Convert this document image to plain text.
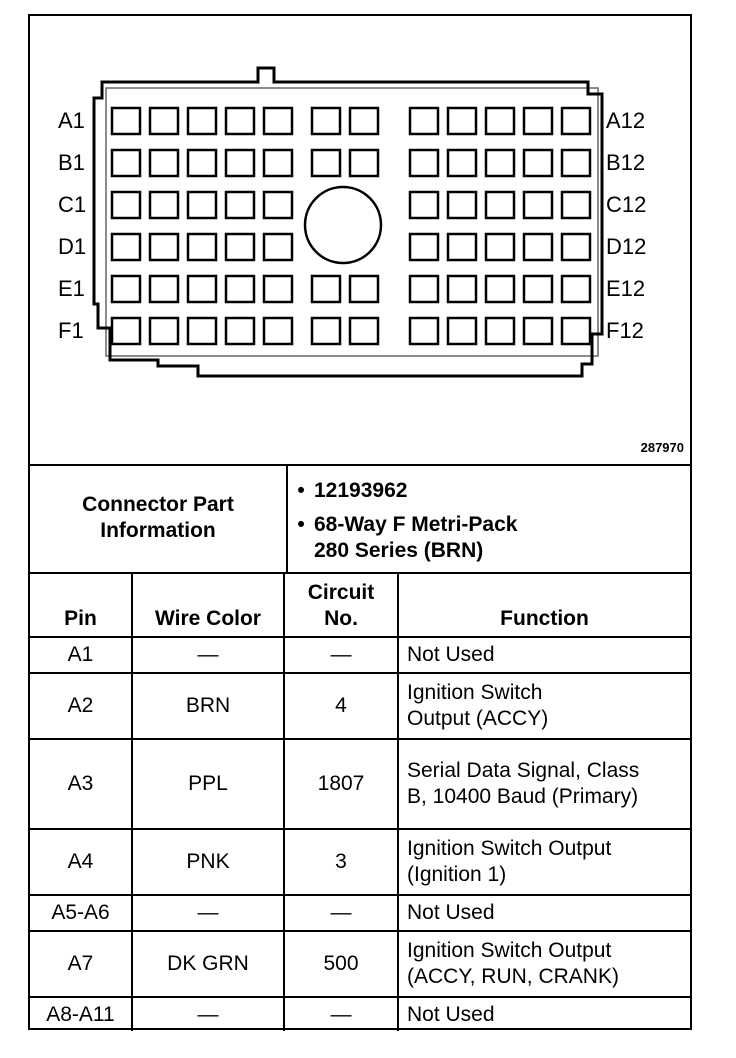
A1
B1
C1
D1
E1
F1
A12
B12
C12
D12
E12
F12
287970
Connector Part Information
• 12193962
• 68-Way F Metri-Pack
280 Series (BRN)
Pin	Wire Color	Circuit No.	Function
A1	—	—	Not Used
A2	BRN	4	Ignition Switch Output (ACCY)

A3	PPL	1807	Serial Data Signal, Class B, 10400 Baud (Primary)

A4	PNK	3	Ignition Switch Output (Ignition 1)

A5-A6	—	—	Not Used
A7	DK GRN	500	Ignition Switch Output (ACCY, RUN, CRANK)

A8-A11	—	—	Not Used
